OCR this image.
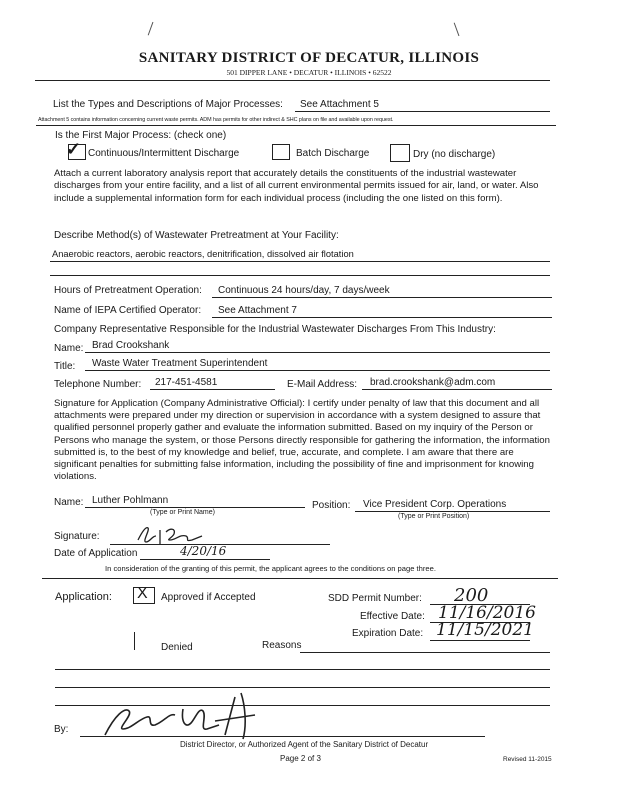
SANITARY DISTRICT OF DECATUR, ILLINOIS
501 DIPPER LANE • DECATUR • ILLINOIS • 62522
List the Types and Descriptions of Major Processes: See Attachment 5
Attachment 5 contains information concerning current waste permits. ADM has permits for other indirect & SHC plans on file and available upon request.
Is the First Major Process: (check one)
✓ Continuous/Intermittent Discharge	Batch Discharge	Dry (no discharge)
Attach a current laboratory analysis report that accurately details the constituents of the industrial wastewater discharges from your entire facility, and a list of all current environmental permits issued for air, land, or water. Also include a supplemental information form for each individual process (including the one listed on this form).
Describe Method(s) of Wastewater Pretreatment at Your Facility:
Anaerobic reactors, aerobic reactors, denitrification, dissolved air flotation
Hours of Pretreatment Operation: Continuous 24 hours/day, 7 days/week
Name of IEPA Certified Operator: See Attachment 7
Company Representative Responsible for the Industrial Wastewater Discharges From This Industry:
Name: Brad Crookshank
Title: Waste Water Treatment Superintendent
Telephone Number: 217-451-4581	E-Mail Address: brad.crookshank@adm.com
Signature for Application (Company Administrative Official): I certify under penalty of law that this document and all attachments were prepared under my direction or supervision in accordance with a system designed to assure that qualified personnel properly gather and evaluate the information submitted. Based on my inquiry of the Person or Persons who manage the system, or those Persons directly responsible for gathering the information, the information submitted is, to the best of my knowledge and belief, true, accurate, and complete. I am aware that there are significant penalties for submitting false information, including the possibility of fine and imprisonment for knowing violations.
Name: Luther Pohlmann
(Type or Print Name)
Position: Vice President Corp. Operations
(Type or Print Position)
Signature:
Date of Application	4/20/16
In consideration of the granting of this permit, the applicant agrees to the conditions on page three.
Application: X Approved if Accepted	SDD Permit Number: 200
Effective Date: 11/16/2016
Expiration Date: 11/15/2021
Denied	Reasons
By:
District Director, or Authorized Agent of the Sanitary District of Decatur
Page 2 of 3	Revised 11-2015
